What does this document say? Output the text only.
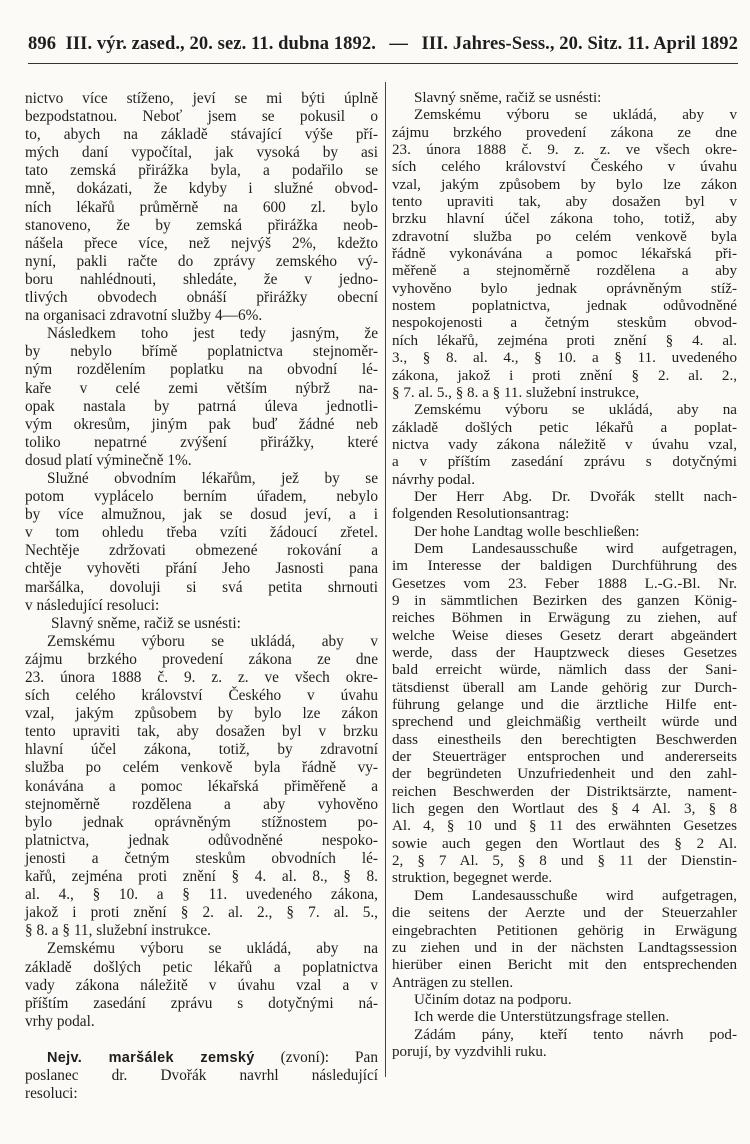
896 III. výr. zased., 20. sez. 11. dubna 1892. — III. Jahres-Sess., 20. Sitz. 11. April 1892
nictvo více stíženo, jeví se mi býti úplně
bezpodstatnou. Neboť jsem se pokusil o
to, abych na základě stávající výše pří-
mých daní vypočítal, jak vysoká by asi
tato zemská přirážka byla, a podařilo se
mně, dokázati, že kdyby i služné obvod-
ních lékařů průměrně na 600 zl. bylo
stanoveno, že by zemská přirážka neob-
nášela přece více, než nejvýš 2%, kdežto
nyní, pakli račte do zprávy zemského vý-
boru nahlédnouti, shledáte, že v jedno-
tlivých obvodech obnáší přirážky obecní
na organisaci zdravotní služby 4—6%.
Následkem toho jest tedy jasným, že
by nebylo břímě poplatnictva stejnoměr-
ným rozdělením poplatku na obvodní lé-
kaře v celé zemi větším nýbrž na-
opak nastala by patrná úleva jednotli-
vým okresům, jiným pak buď žádné neb
toliko nepatrné zvýšení přirážky, které
dosud platí výminečně 1%.
Služné obvodním lékařům, jež by se
potom vyplácelo berním úřadem, nebylo
by více almužnou, jak se dosud jeví, a i
v tom ohledu třeba vzíti žádoucí zřetel.
Nechtěje zdržovati obmezené rokování a
chtěje vyhověti přání Jeho Jasnosti pana
maršálka, dovoluji si svá petita shrnouti
v následující resoluci:
Slavný sněme, račiž se usnésti:
Zemskému výboru se ukládá, aby v
zájmu brzkého provedení zákona ze dne
23. února 1888 č. 9. z. z. ve všech okre-
sích celého království Českého v úvahu
vzal, jakým způsobem by bylo lze zákon
tento upraviti tak, aby dosažen byl v brzku
hlavní účel zákona, totiž, by zdravotní
služba po celém venkově byla řádně vy-
konávána a pomoc lékařská přiměřeně a
stejnoměrně rozdělena a aby vyhověno
bylo jednak oprávněným stížnostem po-
platnictva, jednak odůvodněné nespoko-
jenosti a četným steskům obvodních lé-
kařů, zejména proti znění § 4. al. 8., § 8.
al. 4., § 10. a § 11. uvedeného zákona,
jakož i proti znění § 2. al. 2., § 7. al. 5.,
§ 8. a § 11, služební instrukce.
Zemskému výboru se ukládá, aby na
základě došlých petic lékařů a poplatnictva
vady zákona náležitě v úvahu vzal a v
příštím zasedání zprávu s dotyčnými ná-
vrhy podal.
Nejv. maršálek zemský (zvoní): Pan
poslanec dr. Dvořák navrhl následující
resoluci:
Slavný sněme, račiž se usnésti:
Zemskému výboru se ukládá, aby v
zájmu brzkého provedení zákona ze dne
23. února 1888 č. 9. z. z. ve všech okre-
sích celého království Českého v úvahu
vzal, jakým způsobem by bylo lze zákon
tento upraviti tak, aby dosažen byl v
brzku hlavní účel zákona toho, totiž, aby
zdravotní služba po celém venkově byla
řádně vykonávána a pomoc lékařská při-
měřeně a stejnoměrně rozdělena a aby
vyhověno bylo jednak oprávněným stíž-
nostem poplatnictva, jednak odůvodněné
nespokojenosti a četným steskům obvod-
ních lékařů, zejména proti znění § 4. al.
3., § 8. al. 4., § 10. a § 11. uvedeného
zákona, jakož i proti znění § 2. al. 2.,
§ 7. al. 5., § 8. a § 11. služební instrukce,
Zemskému výboru se ukládá, aby na
základě došlých petic lékařů a poplat-
nictva vady zákona náležitě v úvahu vzal,
a v příštím zasedání zprávu s dotyčnými
návrhy podal.
Der Herr Abg. Dr. Dvořák stellt nach-
folgenden Resolutionsantrag:
Der hohe Landtag wolle beschließen:
Dem Landesausschuße wird aufgetragen,
im Interesse der baldigen Durchführung des
Gesetzes vom 23. Feber 1888 L.-G.-Bl. Nr.
9 in sämmtlichen Bezirken des ganzen König-
reiches Böhmen in Erwägung zu ziehen, auf
welche Weise dieses Gesetz derart abgeändert
werde, dass der Hauptzweck dieses Gesetzes
bald erreicht würde, nämlich dass der Sani-
tätsdienst überall am Lande gehörig zur Durch-
führung gelange und die ärztliche Hilfe ent-
sprechend und gleichmäßig vertheilt würde und
dass einestheils den berechtigten Beschwerden
der Steuerträger entsprochen und andererseits
der begründeten Unzufriedenheit und den zahl-
reichen Beschwerden der Distriktsärzte, nament-
lich gegen den Wortlaut des § 4 Al. 3, § 8
Al. 4, § 10 und § 11 des erwähnten Gesetzes
sowie auch gegen den Wortlaut des § 2 Al.
2, § 7 Al. 5, § 8 und § 11 der Dienstin-
struktion, begegnet werde.
Dem Landesausschuße wird aufgetragen,
die seitens der Aerzte und der Steuerzahler
eingebrachten Petitionen gehörig in Erwägung
zu ziehen und in der nächsten Landtagssession
hierüber einen Bericht mit den entsprechenden
Anträgen zu stellen.
Učiním dotaz na podporu.
Ich werde die Unterstützungsfrage stellen.
Zádám pány, kteří tento návrh pod-
porují, by vyzdvihli ruku.
